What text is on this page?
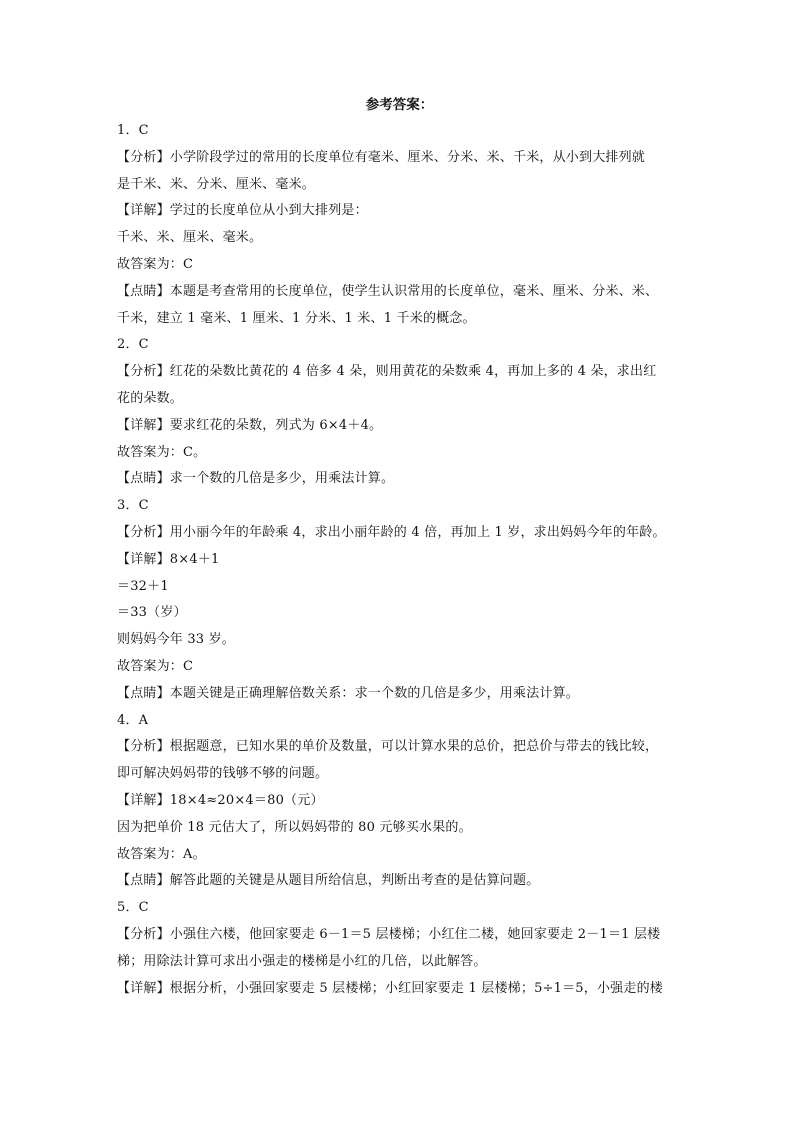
参考答案：
1．C
【分析】小学阶段学过的常用的长度单位有毫米、厘米、分米、米、千米，从小到大排列就
是千米、米、分米、厘米、毫米。
【详解】学过的长度单位从小到大排列是：
千米、米、厘米、毫米。
故答案为：C
【点睛】本题是考查常用的长度单位，使学生认识常用的长度单位，毫米、厘米、分米、米、
千米，建立 1 毫米、1 厘米、1 分米、1 米、1 千米的概念。
2．C
【分析】红花的朵数比黄花的 4 倍多 4 朵，则用黄花的朵数乘 4，再加上多的 4 朵，求出红
花的朵数。
【详解】要求红花的朵数，列式为 6×4＋4。
故答案为：C。
【点睛】求一个数的几倍是多少，用乘法计算。
3．C
【分析】用小丽今年的年龄乘 4，求出小丽年龄的 4 倍，再加上 1 岁，求出妈妈今年的年龄。
【详解】8×4＋1
＝32＋1
＝33（岁）
则妈妈今年 33 岁。
故答案为：C
【点睛】本题关键是正确理解倍数关系：求一个数的几倍是多少，用乘法计算。
4．A
【分析】根据题意，已知水果的单价及数量，可以计算水果的总价，把总价与带去的钱比较，
即可解决妈妈带的钱够不够的问题。
【详解】18×4≈20×4＝80（元）
因为把单价 18 元估大了，所以妈妈带的 80 元够买水果的。
故答案为：A。
【点睛】解答此题的关键是从题目所给信息，判断出考查的是估算问题。
5．C
【分析】小强住六楼，他回家要走 6－1＝5 层楼梯；小红住二楼，她回家要走 2－1＝1 层楼
梯；用除法计算可求出小强走的楼梯是小红的几倍，以此解答。
【详解】根据分析，小强回家要走 5 层楼梯；小红回家要走 1 层楼梯；5÷1＝5，小强走的楼
